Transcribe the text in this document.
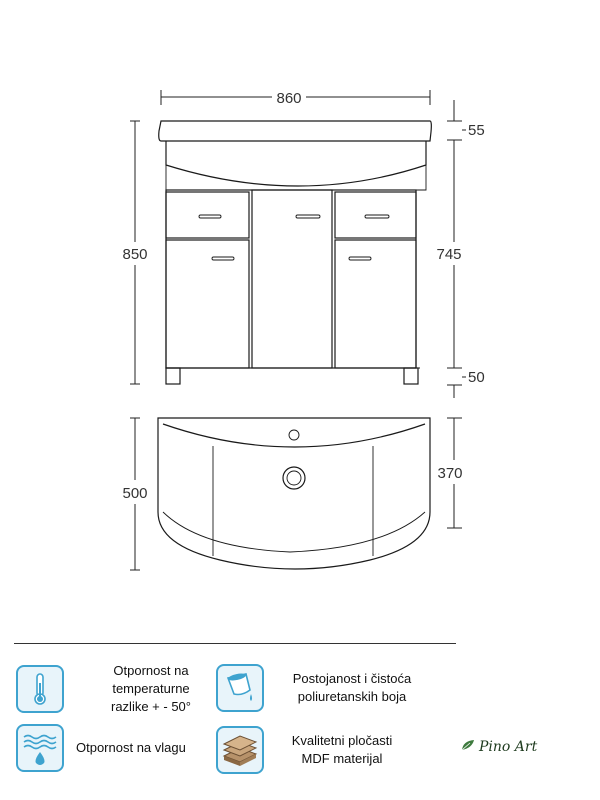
860
850
55
745
50
500
370
Otpornost na
temperaturne
razlike + - 50°
Postojanost i čistoća
poliuretanskih boja
Otpornost na vlagu	Kvalitetni pločasti
MDF materijal
Pino Art
